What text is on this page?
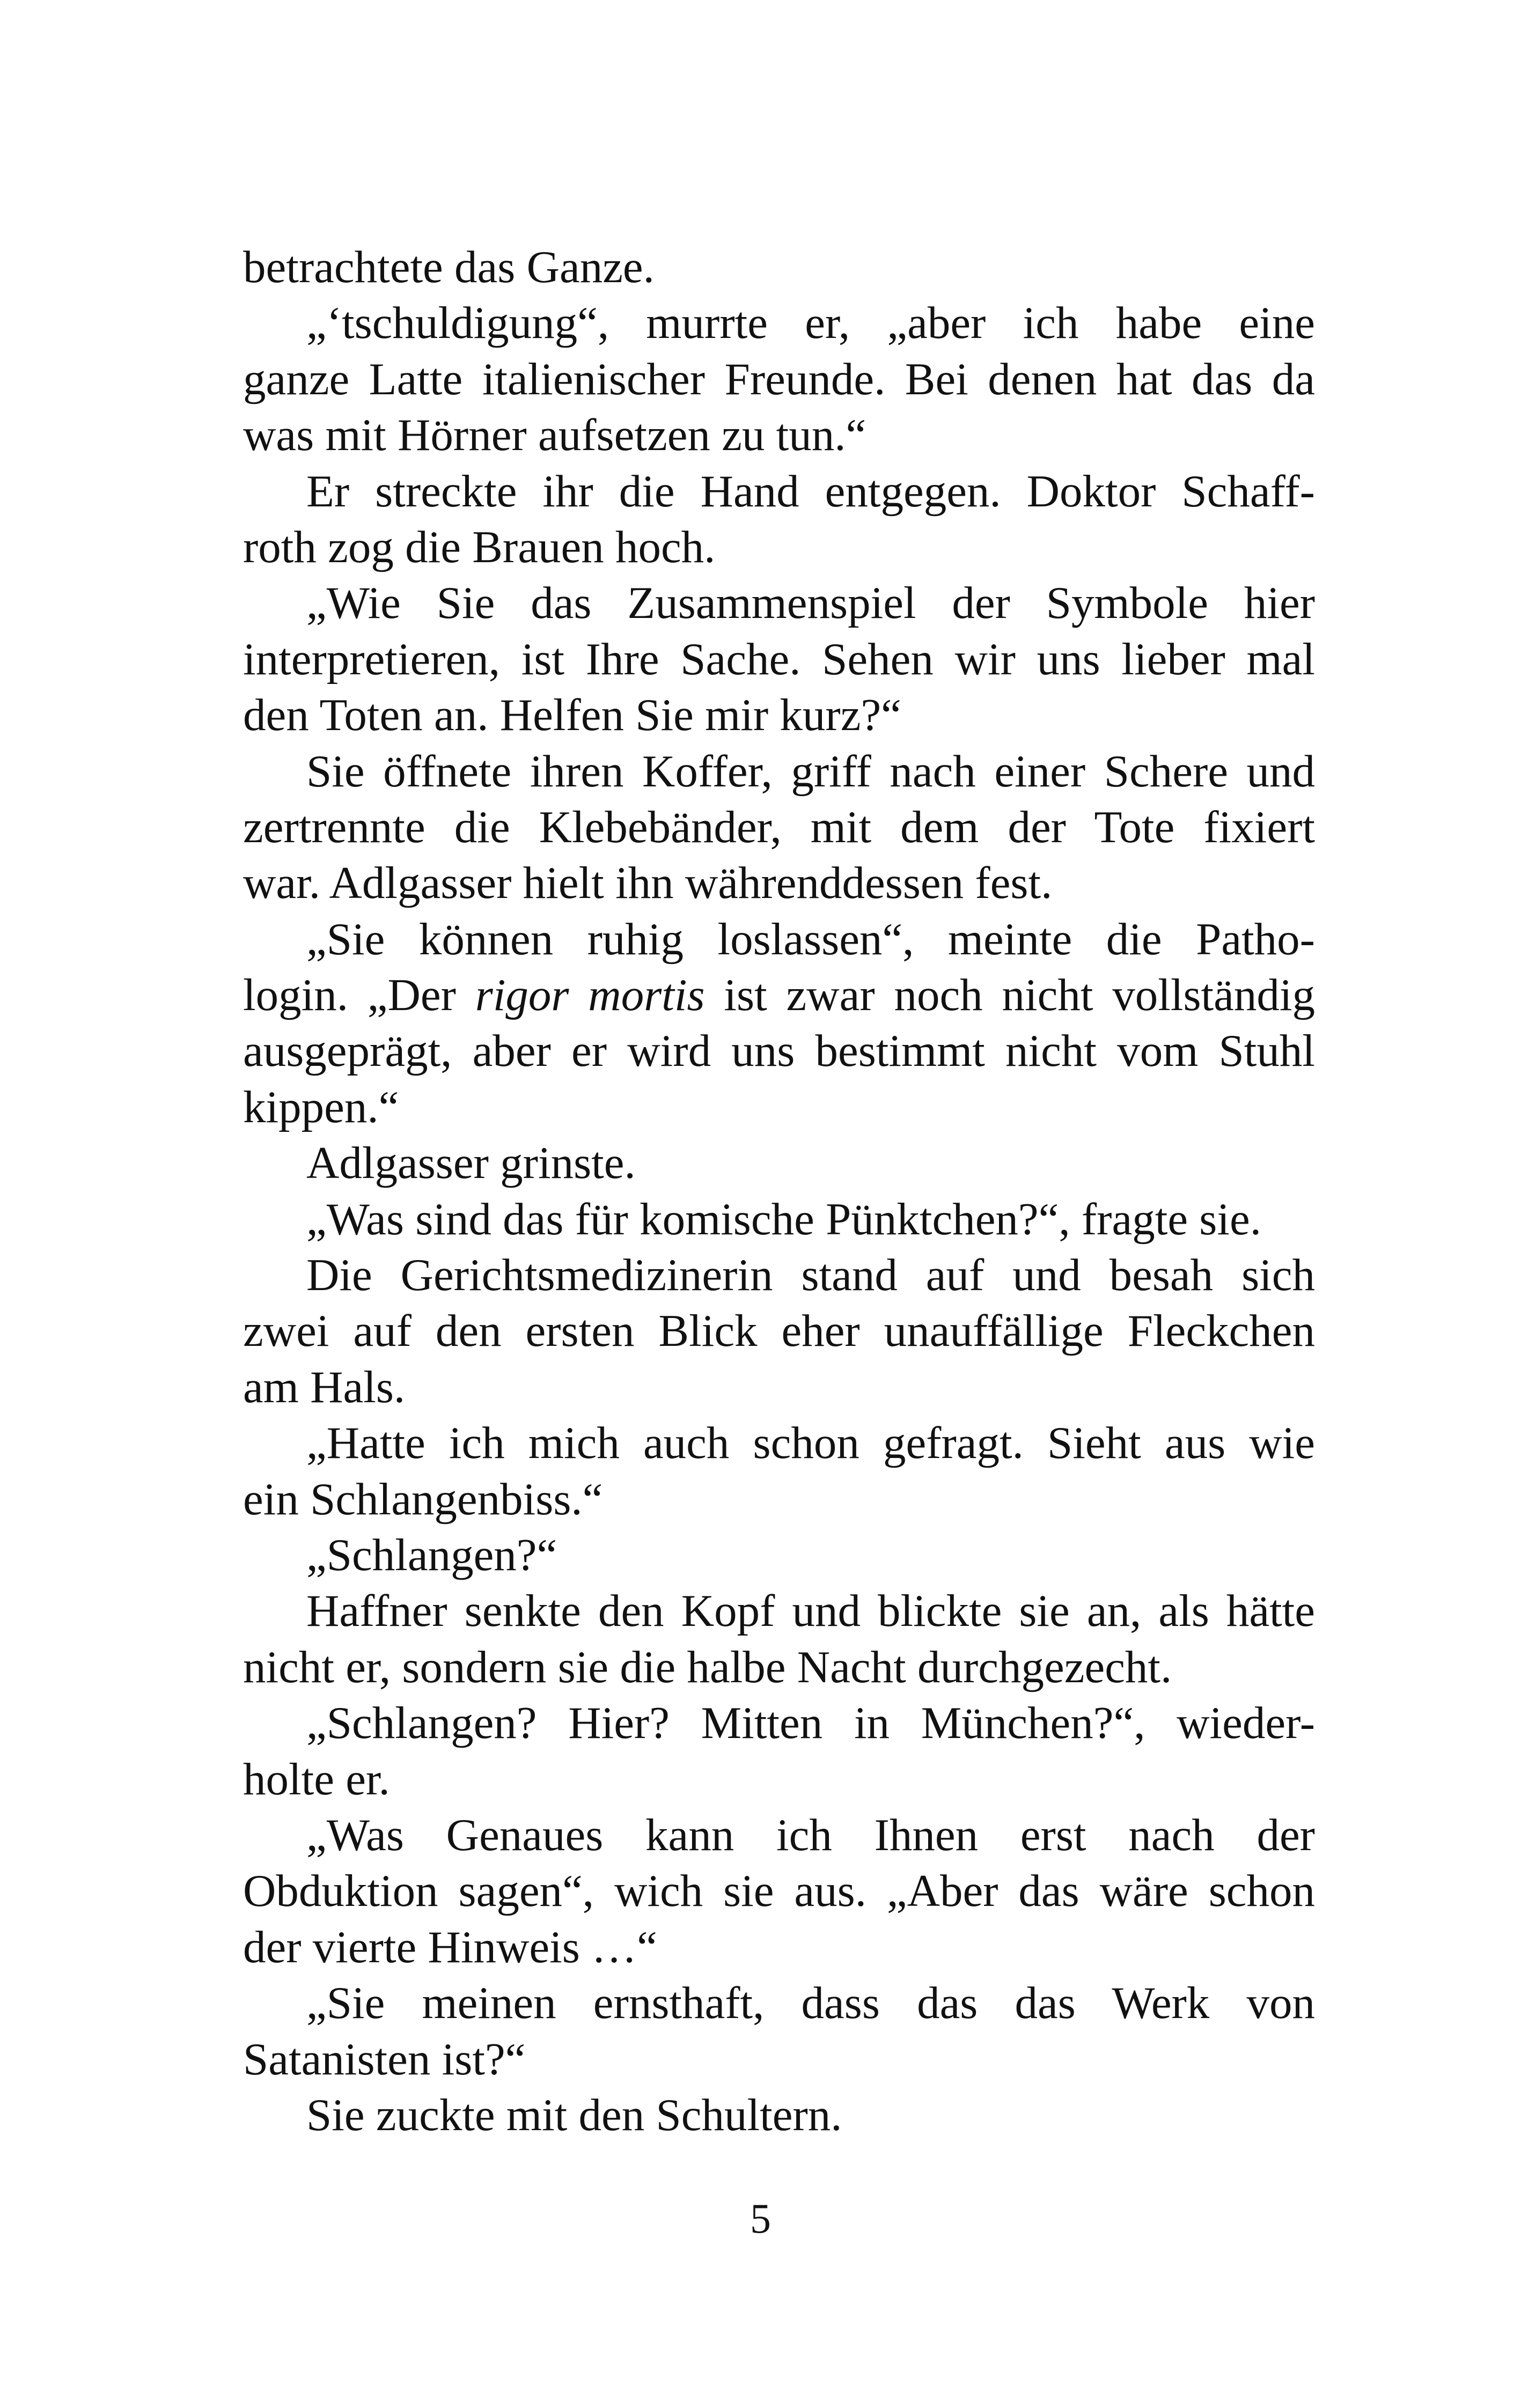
betrachtete das Ganze.
„‘tschuldigung“, murrte er, „aber ich habe eine
ganze Latte italienischer Freunde. Bei denen hat das da
was mit Hörner aufsetzen zu tun.“
Er streckte ihr die Hand entgegen. Doktor Schaff-
roth zog die Brauen hoch.
„Wie Sie das Zusammenspiel der Symbole hier
interpretieren, ist Ihre Sache. Sehen wir uns lieber mal
den Toten an. Helfen Sie mir kurz?“
Sie öffnete ihren Koffer, griff nach einer Schere und
zertrennte die Klebebänder, mit dem der Tote fixiert
war. Adlgasser hielt ihn währenddessen fest.
„Sie können ruhig loslassen“, meinte die Patho-
login. „Der rigor mortis ist zwar noch nicht vollständig
ausgeprägt, aber er wird uns bestimmt nicht vom Stuhl
kippen.“
Adlgasser grinste.
„Was sind das für komische Pünktchen?“, fragte sie.
Die Gerichtsmedizinerin stand auf und besah sich
zwei auf den ersten Blick eher unauffällige Fleckchen
am Hals.
„Hatte ich mich auch schon gefragt. Sieht aus wie
ein Schlangenbiss.“
„Schlangen?“
Haffner senkte den Kopf und blickte sie an, als hätte
nicht er, sondern sie die halbe Nacht durchgezecht.
„Schlangen? Hier? Mitten in München?“, wieder-
holte er.
„Was Genaues kann ich Ihnen erst nach der
Obduktion sagen“, wich sie aus. „Aber das wäre schon
der vierte Hinweis …“
„Sie meinen ernsthaft, dass das das Werk von
Satanisten ist?“
Sie zuckte mit den Schultern.
5
